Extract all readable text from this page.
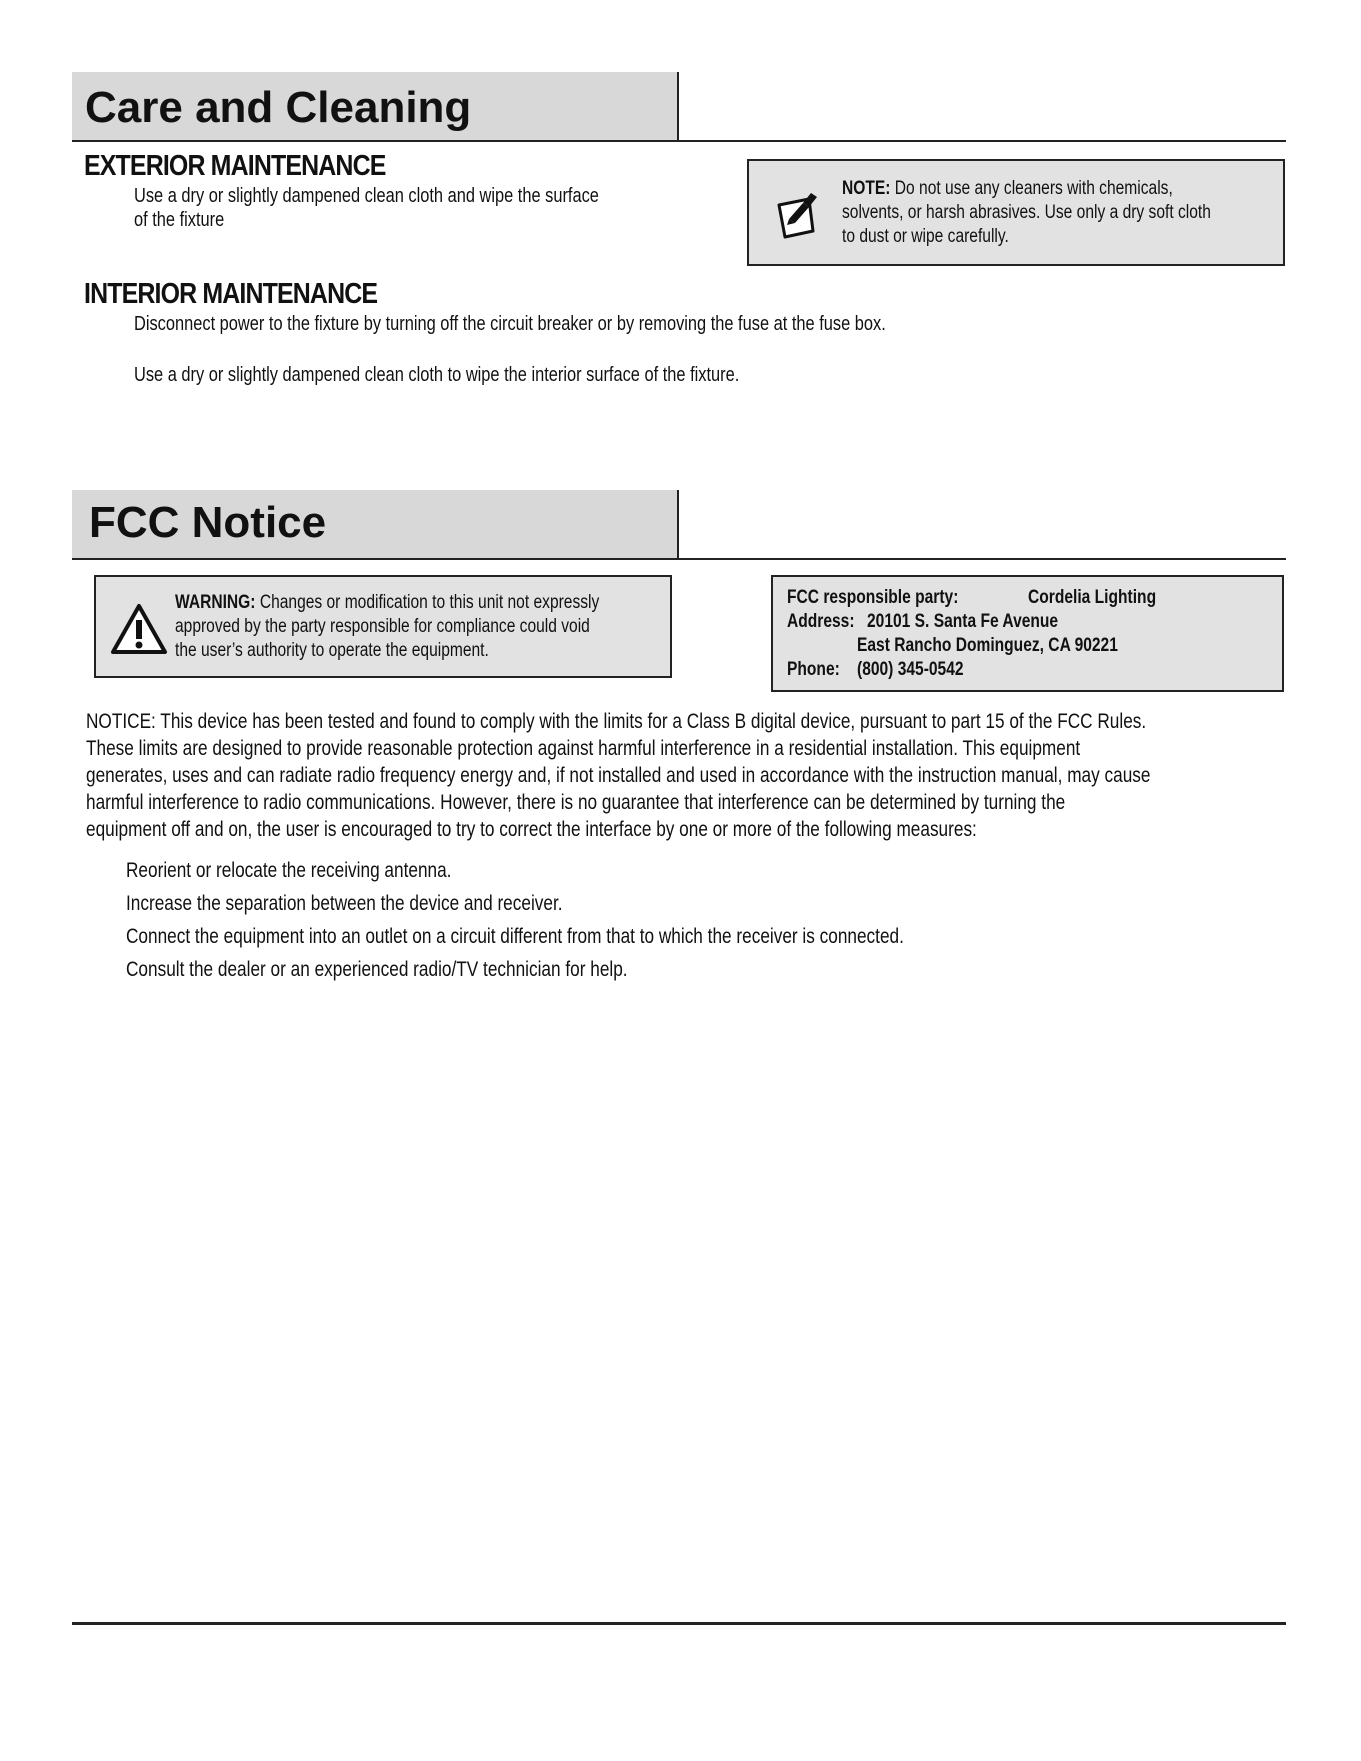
Care and Cleaning
EXTERIOR MAINTENANCE
Use a dry or slightly dampened clean cloth and wipe the surface
of the fixture
NOTE: Do not use any cleaners with chemicals,
solvents, or harsh abrasives. Use only a dry soft cloth
to dust or wipe carefully.
INTERIOR MAINTENANCE
Disconnect power to the fixture by turning off the circuit breaker or by removing the fuse at the fuse box.
Use a dry or slightly dampened clean cloth to wipe the interior surface of the fixture.
FCC Notice
WARNING: Changes or modification to this unit not expressly
approved by the party responsible for compliance could void
the user’s authority to operate the equipment.
FCC responsible party:	Cordelia Lighting
Address: 20101 S. Santa Fe Avenue
East Rancho Dominguez, CA 90221
Phone: (800) 345-0542
NOTICE: This device has been tested and found to comply with the limits for a Class B digital device, pursuant to part 15 of the FCC Rules.
These limits are designed to provide reasonable protection against harmful interference in a residential installation. This equipment
generates, uses and can radiate radio frequency energy and, if not installed and used in accordance with the instruction manual, may cause
harmful interference to radio communications. However, there is no guarantee that interference can be determined by turning the
equipment off and on, the user is encouraged to try to correct the interface by one or more of the following measures:
Reorient or relocate the receiving antenna.
Increase the separation between the device and receiver.
Connect the equipment into an outlet on a circuit different from that to which the receiver is connected.
Consult the dealer or an experienced radio/TV technician for help.
